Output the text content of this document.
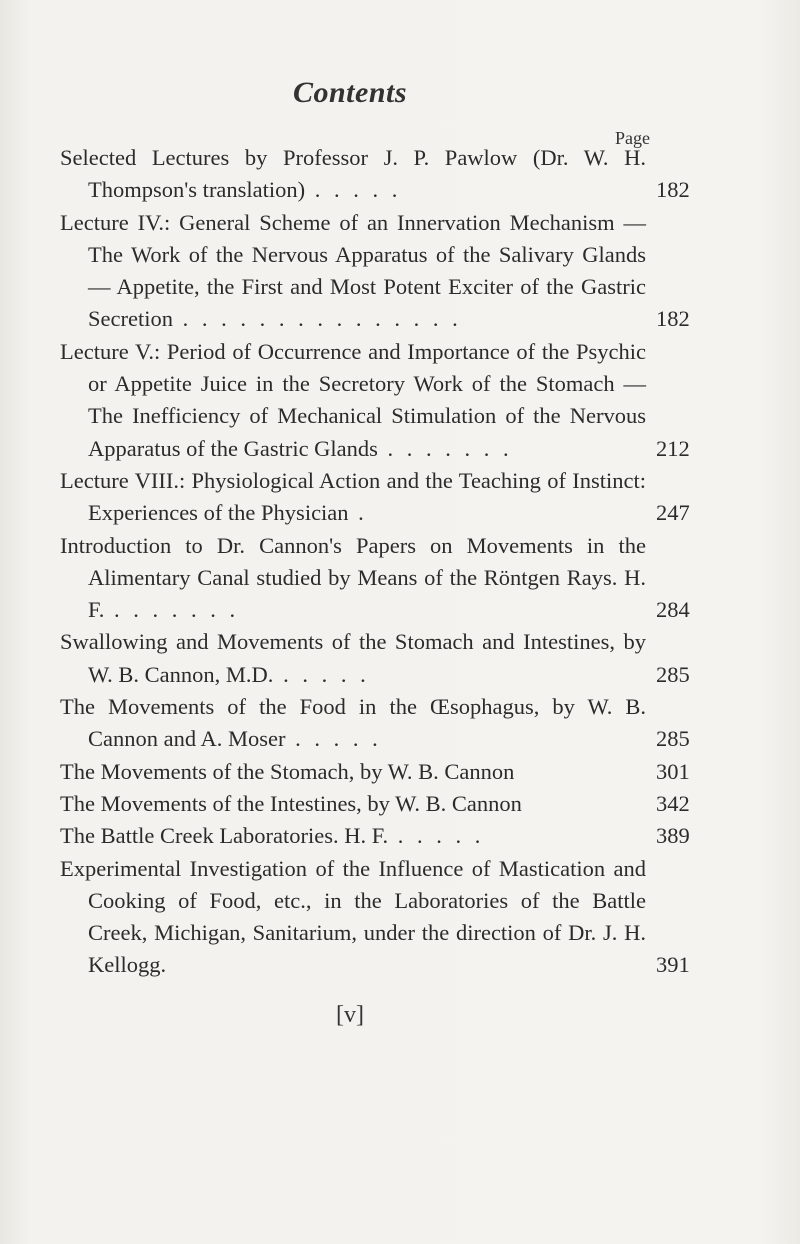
Contents
Page
Selected Lectures by Professor J. P. Pawlow (Dr. W. H. Thompson's translation) . . . . .	182
Lecture IV.: General Scheme of an Innervation Mechanism — The Work of the Nervous Apparatus of the Salivary Glands — Appetite, the First and Most Potent Exciter of the Gastric Secretion . . . . . . . . . . . . . . .	182
Lecture V.: Period of Occurrence and Importance of the Psychic or Appetite Juice in the Secretory Work of the Stomach — The Inefficiency of Mechanical Stimulation of the Nervous Apparatus of the Gastric Glands . . . . . . .	212
Lecture VIII.: Physiological Action and the Teaching of Instinct: Experiences of the Physician .	247
Introduction to Dr. Cannon's Papers on Movements in the Alimentary Canal studied by Means of the Röntgen Rays. H. F. . . . . . . .	284
Swallowing and Movements of the Stomach and Intestines, by W. B. Cannon, M.D. . . . . .	285
The Movements of the Food in the Œsophagus, by W. B. Cannon and A. Moser . . . . .	285
The Movements of the Stomach, by W. B. Cannon	301
The Movements of the Intestines, by W. B. Cannon	342
The Battle Creek Laboratories. H. F. . . . . .	389
Experimental Investigation of the Influence of Mastication and Cooking of Food, etc., in the Laboratories of the Battle Creek, Michigan, Sanitarium, under the direction of Dr. J. H. Kellogg.	391
[v]
